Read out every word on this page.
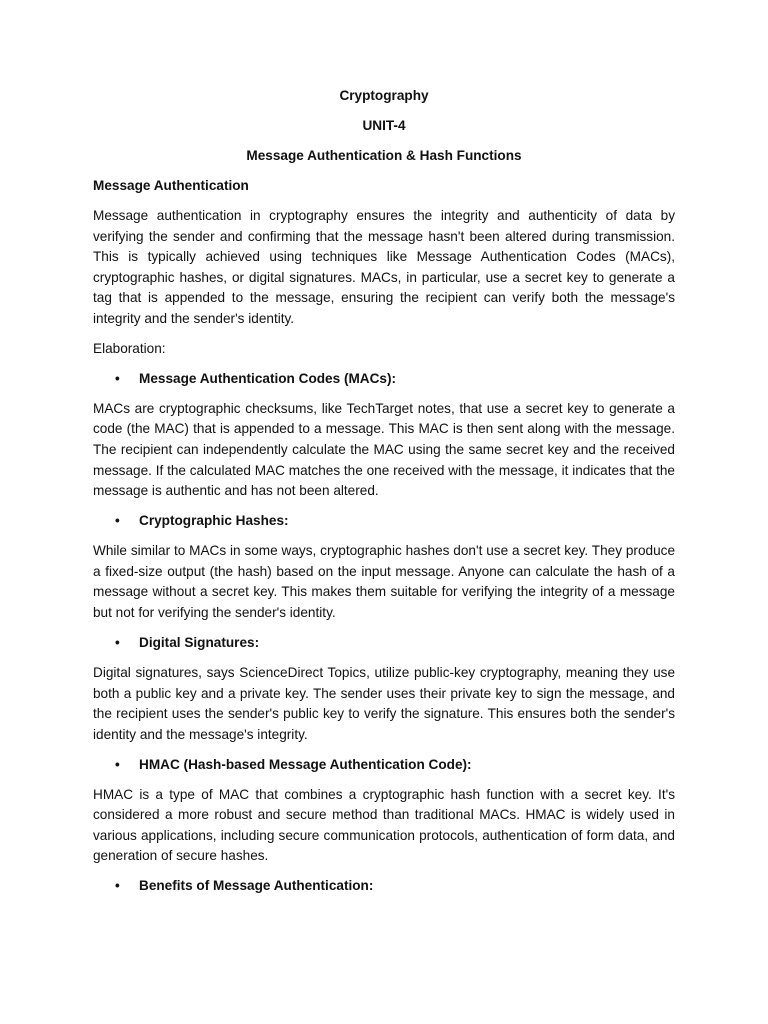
Cryptography

UNIT-4

Message Authentication & Hash Functions

Message Authentication

Message authentication in cryptography ensures the integrity and authenticity of data by verifying the sender and confirming that the message hasn't been altered during transmission. This is typically achieved using techniques like Message Authentication Codes (MACs), cryptographic hashes, or digital signatures. MACs, in particular, use a secret key to generate a tag that is appended to the message, ensuring the recipient can verify both the message's integrity and the sender's identity.

Elaboration:

• Message Authentication Codes (MACs):

MACs are cryptographic checksums, like TechTarget notes, that use a secret key to generate a code (the MAC) that is appended to a message. This MAC is then sent along with the message. The recipient can independently calculate the MAC using the same secret key and the received message. If the calculated MAC matches the one received with the message, it indicates that the message is authentic and has not been altered.

• Cryptographic Hashes:

While similar to MACs in some ways, cryptographic hashes don't use a secret key. They produce a fixed-size output (the hash) based on the input message. Anyone can calculate the hash of a message without a secret key. This makes them suitable for verifying the integrity of a message but not for verifying the sender's identity.

• Digital Signatures:

Digital signatures, says ScienceDirect Topics, utilize public-key cryptography, meaning they use both a public key and a private key. The sender uses their private key to sign the message, and the recipient uses the sender's public key to verify the signature. This ensures both the sender's identity and the message's integrity.

• HMAC (Hash-based Message Authentication Code):

HMAC is a type of MAC that combines a cryptographic hash function with a secret key. It's considered a more robust and secure method than traditional MACs. HMAC is widely used in various applications, including secure communication protocols, authentication of form data, and generation of secure hashes.

• Benefits of Message Authentication:
